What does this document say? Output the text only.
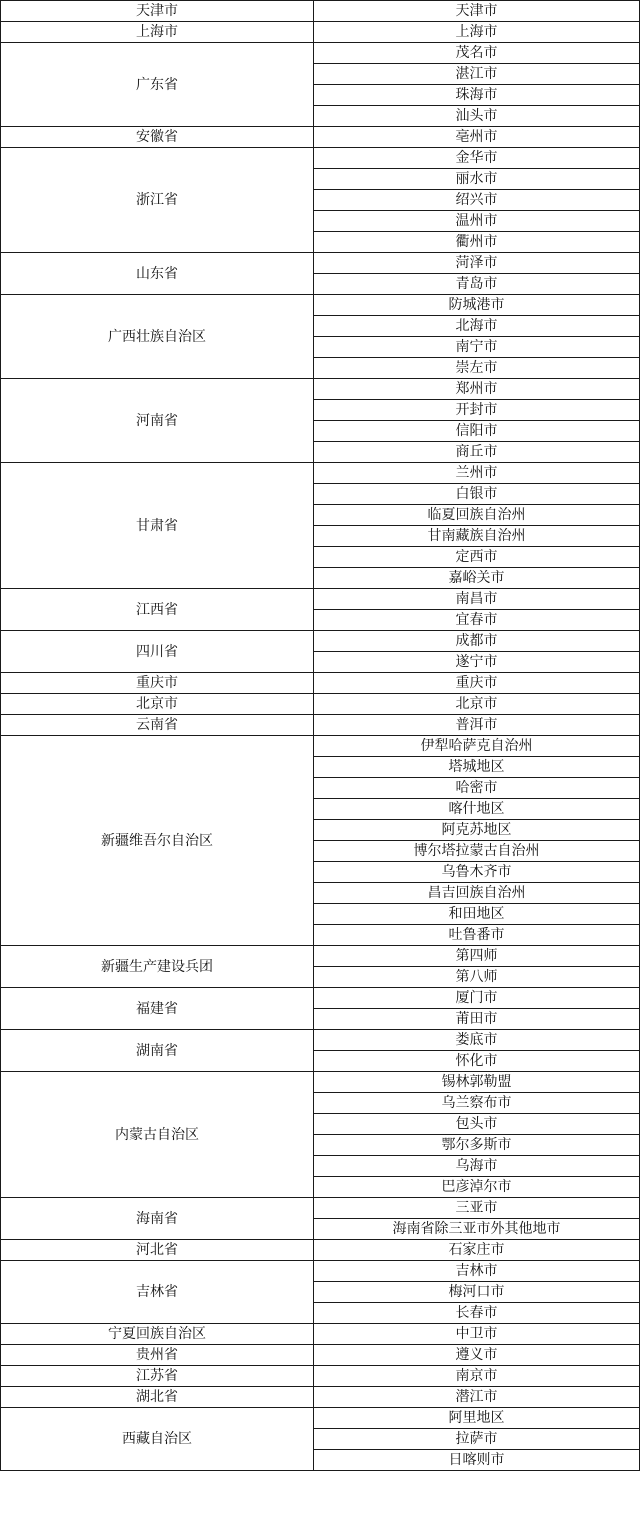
天津市	天津市
上海市	上海市
广东省	茂名市
	湛江市
	珠海市
	汕头市
安徽省	亳州市
浙江省	金华市
	丽水市
	绍兴市
	温州市
	衢州市
山东省	菏泽市
	青岛市
广西壮族自治区	防城港市
	北海市
	南宁市
	崇左市
河南省	郑州市
	开封市
	信阳市
	商丘市
甘肃省	兰州市
	白银市
	临夏回族自治州
	甘南藏族自治州
	定西市
	嘉峪关市
江西省	南昌市
	宜春市
四川省	成都市
	遂宁市
重庆市	重庆市
北京市	北京市
云南省	普洱市
新疆维吾尔自治区	伊犁哈萨克自治州
	塔城地区
	哈密市
	喀什地区
	阿克苏地区
	博尔塔拉蒙古自治州
	乌鲁木齐市
	昌吉回族自治州
	和田地区
	吐鲁番市
新疆生产建设兵团	第四师
	第八师
福建省	厦门市
	莆田市
湖南省	娄底市
	怀化市
内蒙古自治区	锡林郭勒盟
	乌兰察布市
	包头市
	鄂尔多斯市
	乌海市
	巴彦淖尔市
海南省	三亚市
	海南省除三亚市外其他地市
河北省	石家庄市
吉林省	吉林市
	梅河口市
	长春市
宁夏回族自治区	中卫市
贵州省	遵义市
江苏省	南京市
湖北省	潜江市
西藏自治区	阿里地区
	拉萨市
	日喀则市
